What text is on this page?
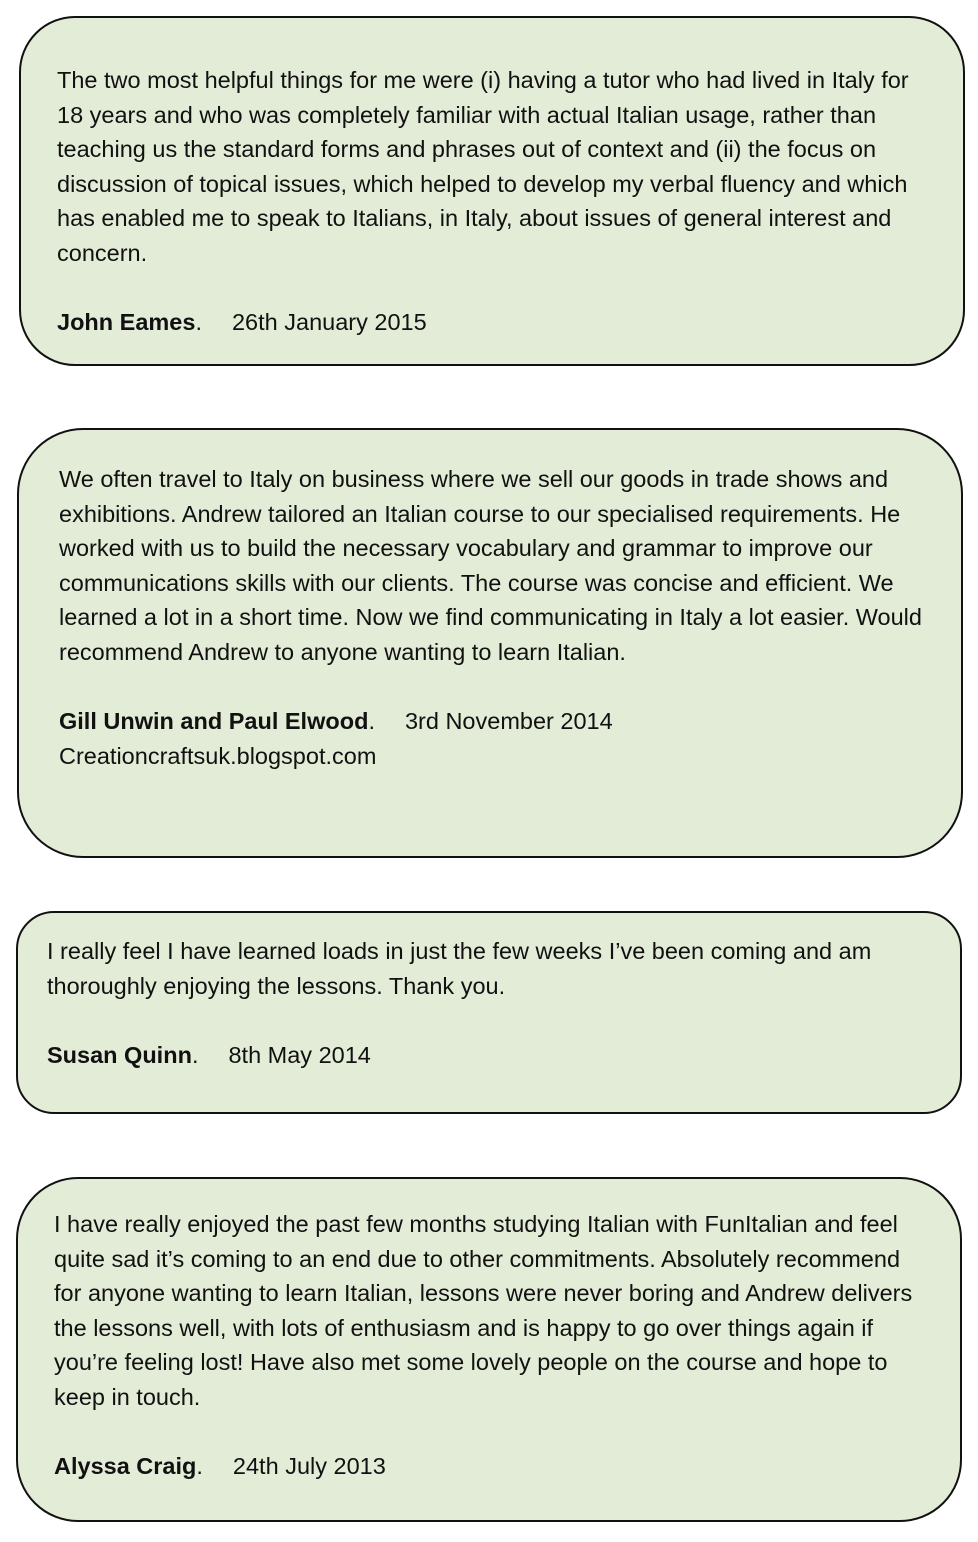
The two most helpful things for me were (i) having a tutor who had lived in Italy for 18 years and who was completely familiar with actual Italian usage, rather than teaching us the standard forms and phrases out of context and (ii) the focus on discussion of topical issues, which helped to develop my verbal fluency and which has enabled me to speak to Italians, in Italy, about issues of general interest and concern.

John Eames. 26th January 2015

We often travel to Italy on business where we sell our goods in trade shows and exhibitions. Andrew tailored an Italian course to our specialised requirements. He worked with us to build the necessary vocabulary and grammar to improve our communications skills with our clients. The course was concise and efficient. We learned a lot in a short time. Now we find communicating in Italy a lot easier. Would recommend Andrew to anyone wanting to learn Italian.

Gill Unwin and Paul Elwood. 3rd November 2014
Creationcraftsuk.blogspot.com

I really feel I have learned loads in just the few weeks I’ve been coming and am thoroughly enjoying the lessons. Thank you.

Susan Quinn. 8th May 2014

I have really enjoyed the past few months studying Italian with FunItalian and feel quite sad it’s coming to an end due to other commitments. Absolutely recommend for anyone wanting to learn Italian, lessons were never boring and Andrew delivers the lessons well, with lots of enthusiasm and is happy to go over things again if you’re feeling lost! Have also met some lovely people on the course and hope to keep in touch.

Alyssa Craig. 24th July 2013
